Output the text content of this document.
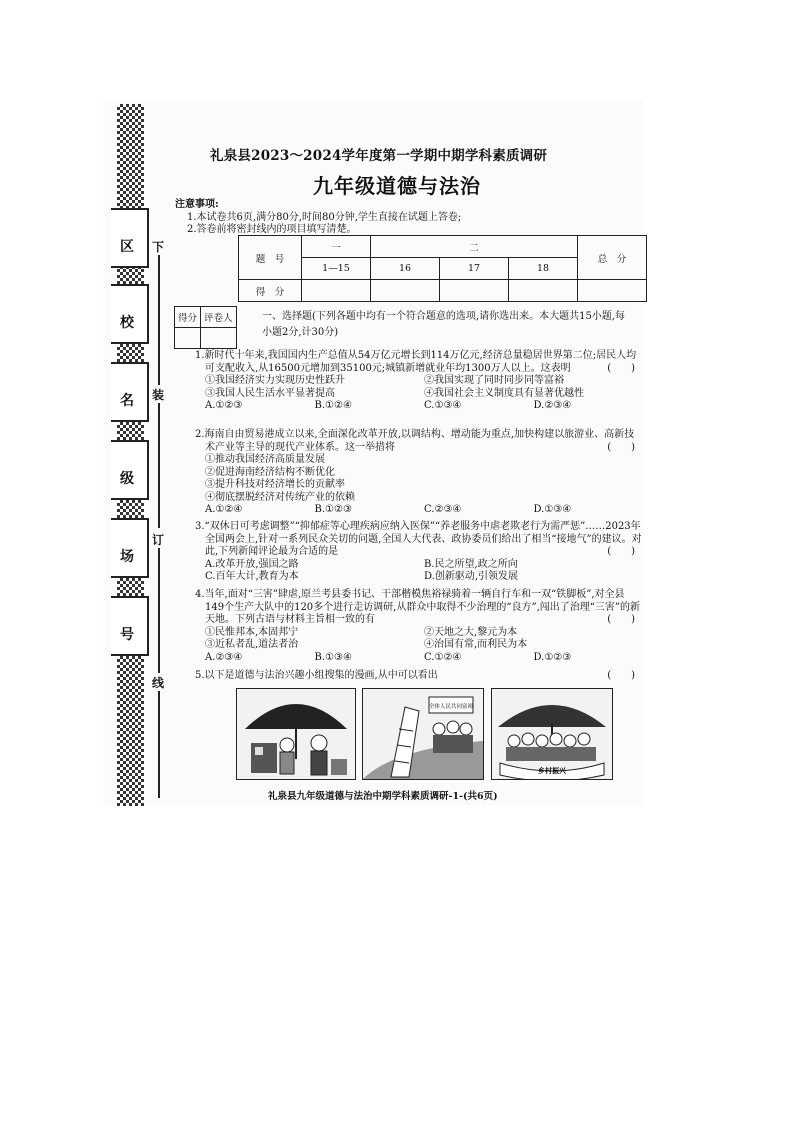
区
校
名
级
场
号
下
装
订
线
礼泉县2023～2024学年度第一学期中期学科素质调研
九年级道德与法治
注意事项:
1.本试卷共6页,满分80分,时间80分钟,学生直接在试题上答卷;
2.答卷前将密封线内的项目填写清楚。
题　号	一	二			总　分
	1—15	16	17	18	
得　分					
得分	评卷人
		一、选择题(下列各题中均有一个符合题意的选项,请你选出来。本大题共15小题,每小题2分,计30分)
1.新时代十年来,我国国内生产总值从54万亿元增长到114万亿元,经济总量稳居世界第二位;居民人均可支配收入,从16500元增加到35100元;城镇新增就业年均1300万人以上。这表明	(　　)
①我国经济实力实现历史性跃升	②我国实现了同时同步同等富裕
③我国人民生活水平显著提高	④我国社会主义制度具有显著优越性
A.①②③	B.①②④	C.①③④	D.②③④
2.海南自由贸易港成立以来,全面深化改革开放,以调结构、增动能为重点,加快构建以旅游业、高新技术产业等主导的现代产业体系。这一举措将	(　　)
①推动我国经济高质量发展
②促进海南经济结构不断优化
③提升科技对经济增长的贡献率
④彻底摆脱经济对传统产业的依赖
A.①②④	B.①②③	C.②③④	D.①③④
3.“双休日可考虑调整”“抑郁症等心理疾病应纳入医保”“养老服务中虐老欺老行为需严惩”……2023年全国两会上,针对一系列民众关切的问题,全国人大代表、政协委员们给出了相当“接地气”的建议。对此,下列新闻评论最为合适的是	(　　)
A.改革开放,强国之路	B.民之所望,政之所向
C.百年大计,教育为本	D.创新驱动,引领发展
4.当年,面对“三害”肆虐,原兰考县委书记、干部楷模焦裕禄骑着一辆自行车和一双“铁脚板”,对全县149个生产大队中的120多个进行走访调研,从群众中取得不少治理的“良方”,闯出了治理“三害”的新天地。下列古语与材料主旨相一致的有	(　　)
①民惟邦本,本固邦宁	②天地之大,黎元为本
③近私者乱,道法者治	④治国有常,而利民为本
A.②③④	B.①③④	C.①②④	D.①②③
5.以下是道德与法治兴趣小组搜集的漫画,从中可以看出	(　　)
全体人民共同富裕
乡村振兴
礼泉县九年级道德与法治中期学科素质调研-1-(共6页)
